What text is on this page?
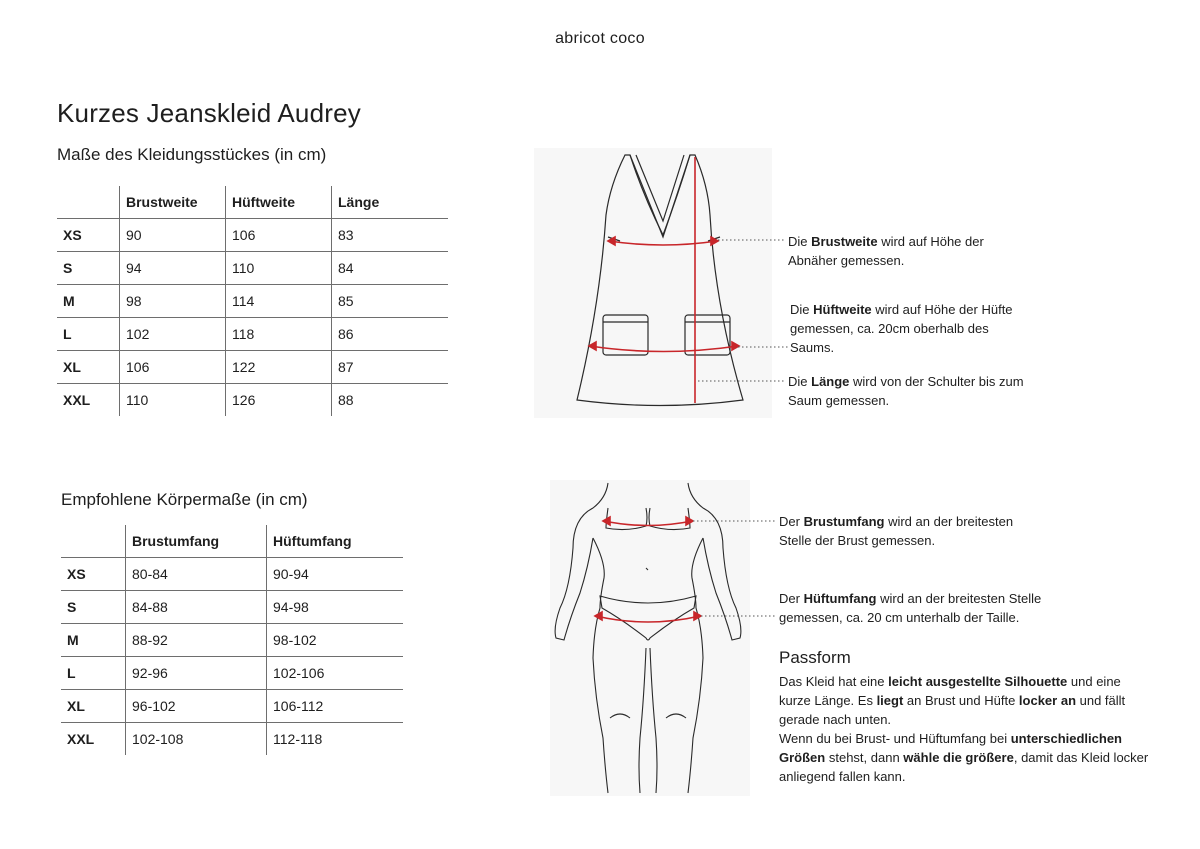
abricot coco
Kurzes Jeanskleid Audrey
Maße des Kleidungsstückes (in cm)
	Brustweite	Hüftweite	Länge
XS	90	106	83
S	94	110	84
M	98	114	85
L	102	118	86
XL	106	122	87
XXL	110	126	88
Empfohlene Körpermaße (in cm)
	Brustumfang	Hüftumfang
XS	80-84	90-94
S	84-88	94-98
M	88-92	98-102
L	92-96	102-106
XL	96-102	106-112
XXL	102-108	112-118
Die Brustweite wird auf Höhe der Abnäher gemessen.
Die Hüftweite wird auf Höhe der Hüfte gemessen, ca. 20cm oberhalb des Saums.
Die Länge wird von der Schulter bis zum Saum gemessen.
Der Brustumfang wird an der breitesten Stelle der Brust gemessen.
Der Hüftumfang wird an der breitesten Stelle gemessen, ca. 20 cm unterhalb der Taille.
Passform
Das Kleid hat eine leicht ausgestellte Silhouette und eine kurze Länge. Es liegt an Brust und Hüfte locker an und fällt gerade nach unten.
Wenn du bei Brust- und Hüftumfang bei unterschiedlichen Größen stehst, dann wähle die größere, damit das Kleid locker anliegend fallen kann.
